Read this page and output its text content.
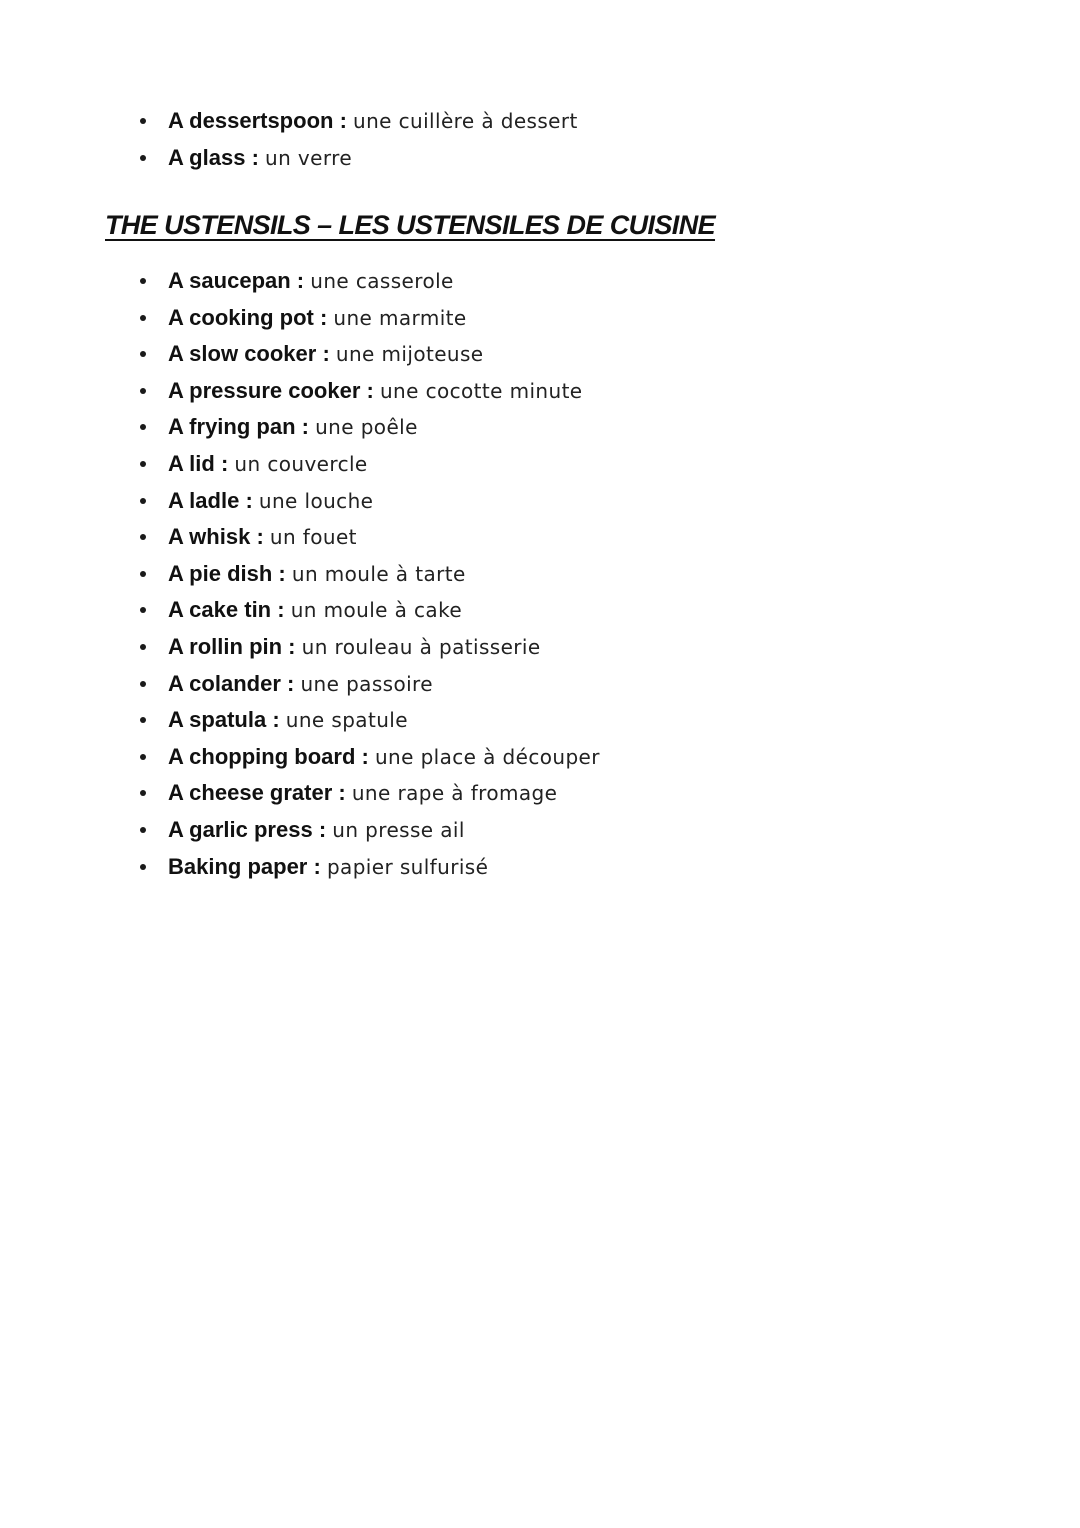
A dessertspoon : une cuillère à dessert
A glass : un verre
THE USTENSILS – LES USTENSILES DE CUISINE
A saucepan : une casserole
A cooking pot : une marmite
A slow cooker : une mijoteuse
A pressure cooker : une cocotte minute
A frying pan : une poêle
A lid : un couvercle
A ladle : une louche
A whisk : un fouet
A pie dish : un moule à tarte
A cake tin : un moule à cake
A rollin pin : un rouleau à patisserie
A colander : une passoire
A spatula : une spatule
A chopping board : une place à découper
A cheese grater : une rape à fromage
A garlic press : un presse ail
Baking paper : papier sulfurisé
